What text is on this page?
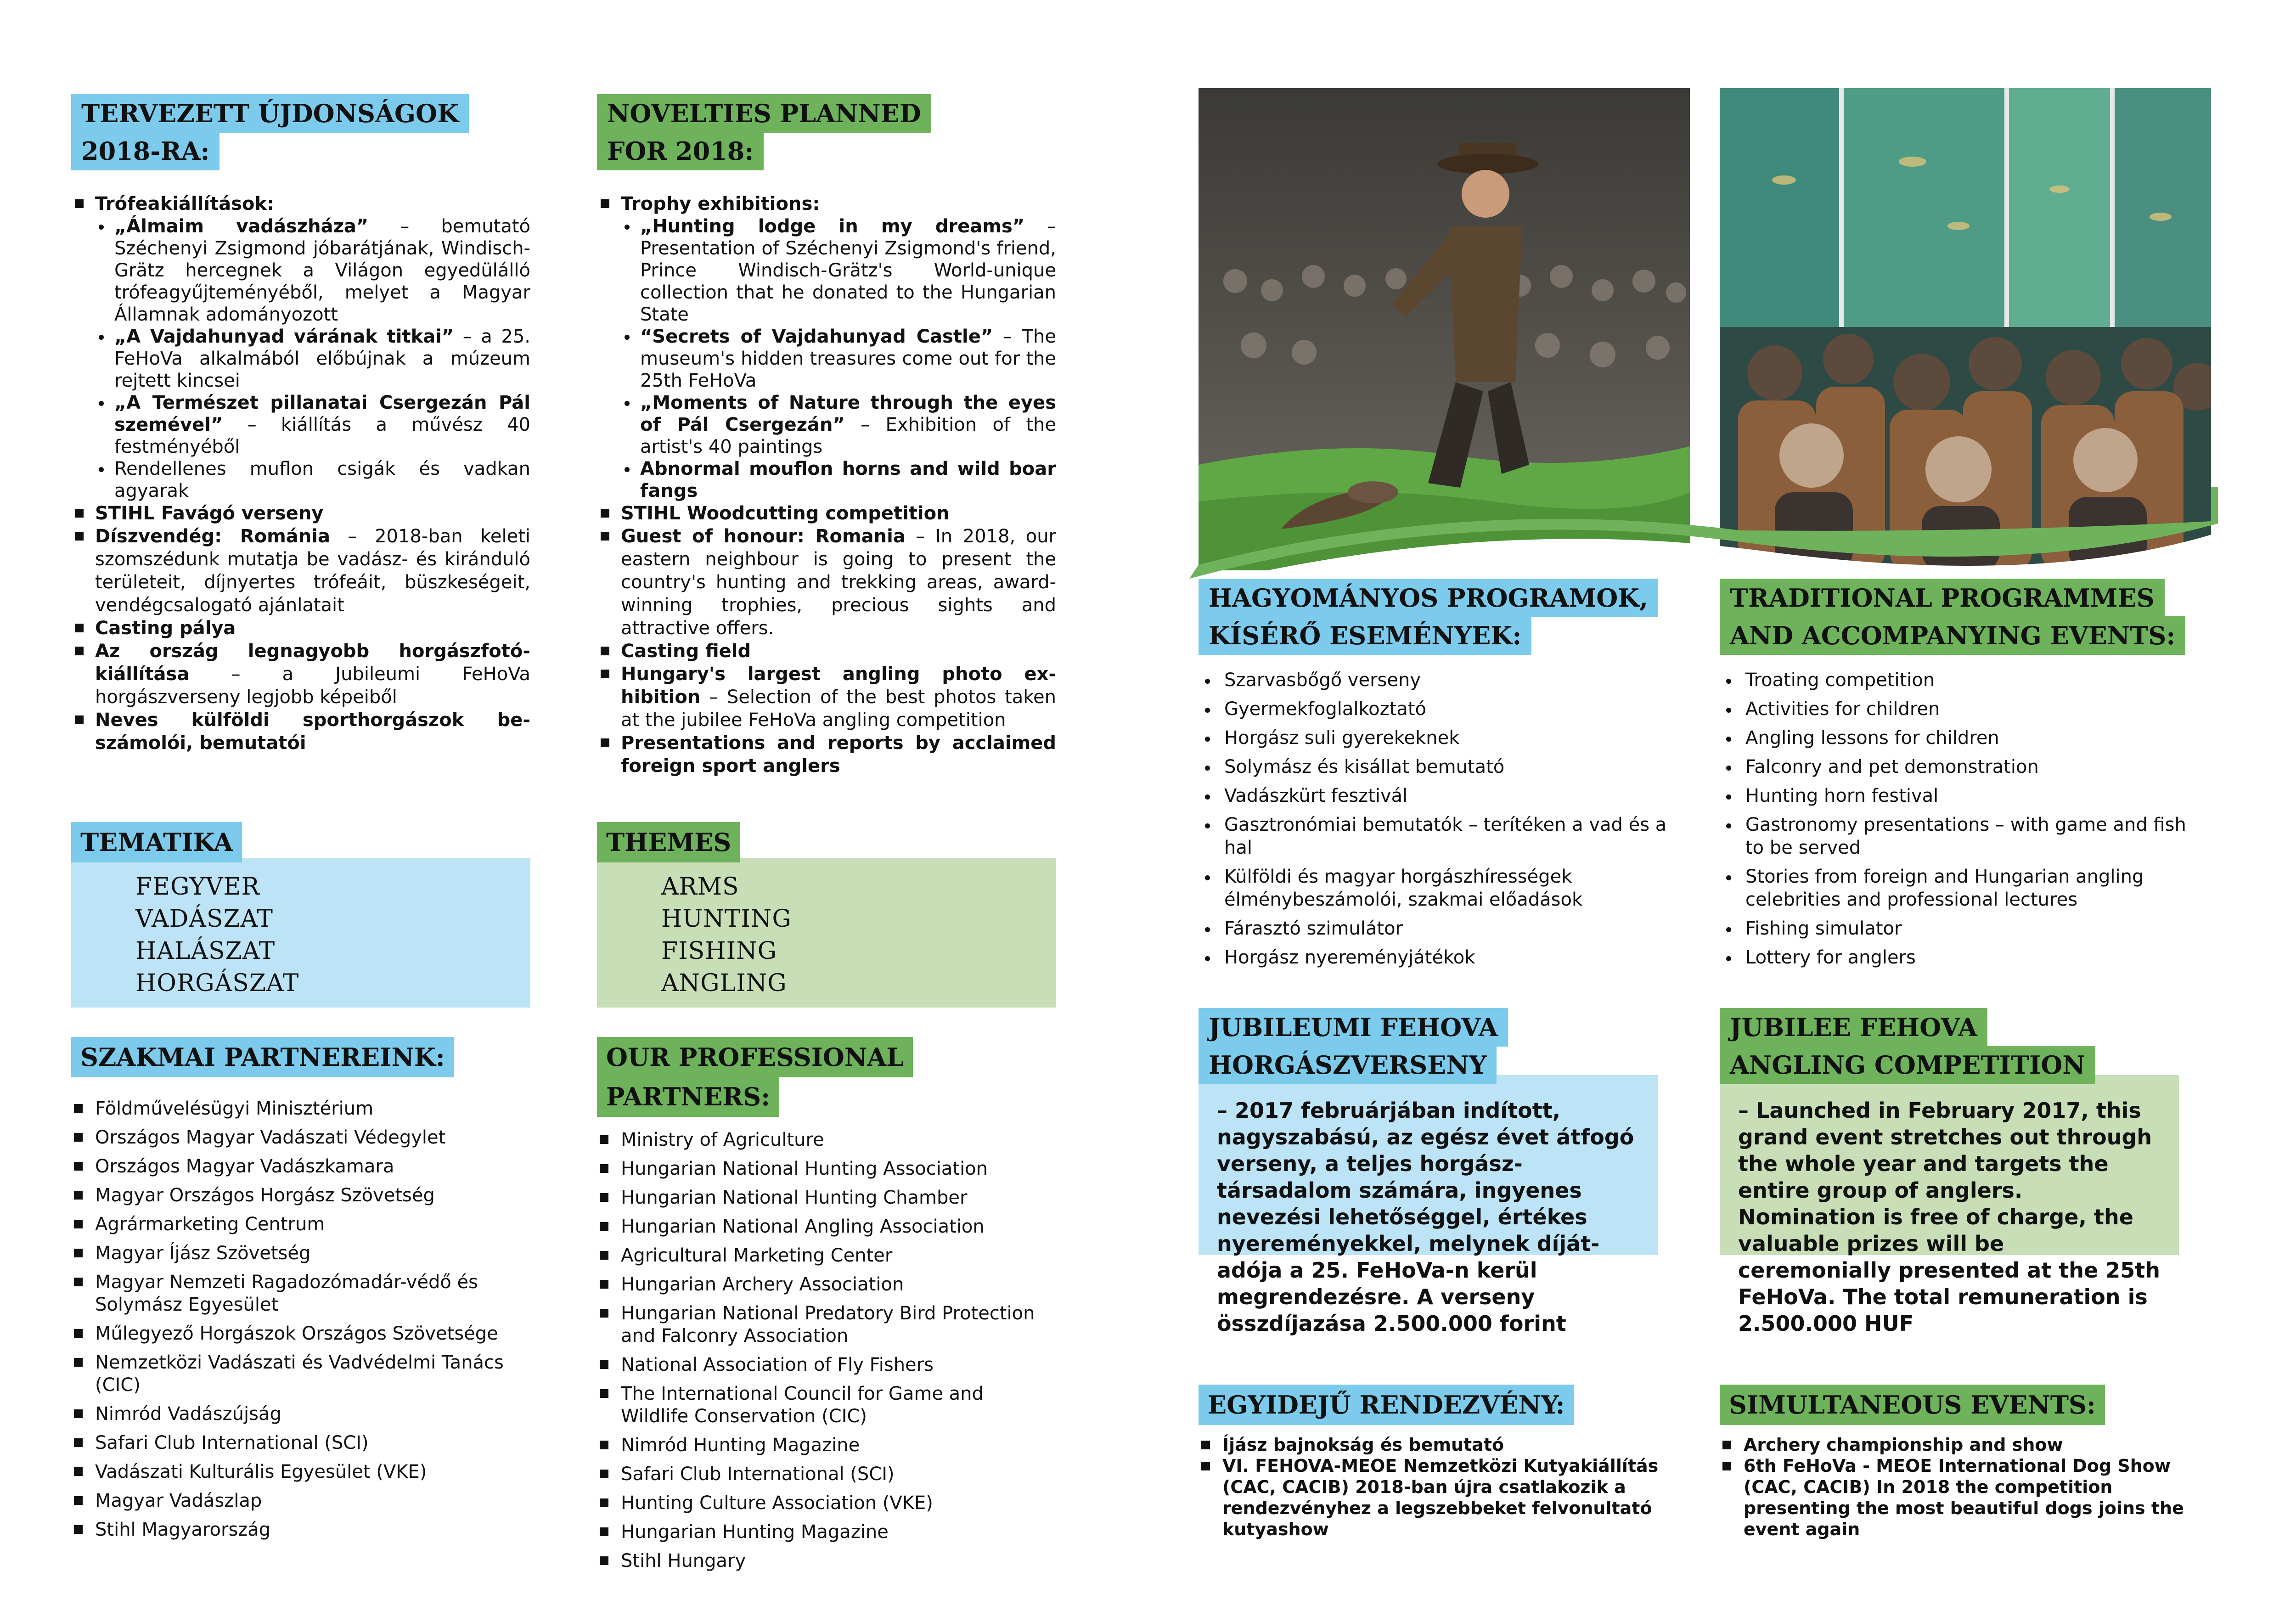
TERVEZETT ÚJDONSÁGOK
2018-RA:
Trófeakiállítások:
„Álmaim vadászháza” – bemutató Széchenyi Zsigmond jóbarátjának, Windisch-Grätz hercegnek a Világon egyedülálló trófeagyűjteményéből, melyet a Magyar Államnak adományozott
„A Vajdahunyad várának titkai” – a 25. FeHoVa alkalmából előbújnak a múzeum rejtett kincsei
„A Természet pillanatai Csergezán Pál szemével” – kiállítás a művész 40 festményéből
Rendellenes muflon csigák és vadkan agyarak
STIHL Favágó verseny
Díszvendég: Románia – 2018-ban keleti szomszédunk mutatja be vadász- és kiránduló területeit, díjnyertes trófeáit, büszkeségeit, vendégcsalogató ajánlatait
Casting pálya
Az ország legnagyobb horgászfotó-kiállítása – a Jubileumi FeHoVa horgászverseny legjobb képeiből
Neves külföldi sporthorgászok be-számolói, bemutatói
TEMATIKA
FEGYVER
VADÁSZAT
HALÁSZAT
HORGÁSZAT
SZAKMAI PARTNEREINK:
Földművelésügyi Minisztérium
Országos Magyar Vadászati Védegylet
Országos Magyar Vadászkamara
Magyar Országos Horgász Szövetség
Agrármarketing Centrum
Magyar Íjász Szövetség
Magyar Nemzeti Ragadozómadár-védő és Solymász Egyesület
Műlegyező Horgászok Országos Szövetsége
Nemzetközi Vadászati és Vadvédelmi Tanács (CIC)
Nimród Vadászújság
Safari Club International (SCI)
Vadászati Kulturális Egyesület (VKE)
Magyar Vadászlap
Stihl Magyarország
NOVELTIES PLANNED
FOR 2018:
Trophy exhibitions:
„Hunting lodge in my dreams” – Presentation of Széchenyi Zsigmond's friend, Prince Windisch-Grätz's World-unique collection that he donated to the Hungarian State
“Secrets of Vajdahunyad Castle” – The museum's hidden treasures come out for the 25th FeHoVa
„Moments of Nature through the eyes of Pál Csergezán” – Exhibition of the artist's 40 paintings
Abnormal mouflon horns and wild boar fangs
STIHL Woodcutting competition
Guest of honour: Romania – In 2018, our eastern neighbour is going to present the country's hunting and trekking areas, award-winning trophies, precious sights and attractive offers.
Casting field
Hungary's largest angling photo ex-hibition – Selection of the best photos taken at the jubilee FeHoVa angling competition
Presentations and reports by acclaimed foreign sport anglers
THEMES
ARMS
HUNTING
FISHING
ANGLING
OUR PROFESSIONAL
PARTNERS:
Ministry of Agriculture
Hungarian National Hunting Association
Hungarian National Hunting Chamber
Hungarian National Angling Association
Agricultural Marketing Center
Hungarian Archery Association
Hungarian National Predatory Bird Protection and Falconry Association
National Association of Fly Fishers
The International Council for Game and Wildlife Conservation (CIC)
Nimród Hunting Magazine
Safari Club International (SCI)
Hunting Culture Association (VKE)
Hungarian Hunting Magazine
Stihl Hungary
HAGYOMÁNYOS PROGRAMOK,
KÍSÉRŐ ESEMÉNYEK:
Szarvasbőgő verseny
Gyermekfoglalkoztató
Horgász suli gyerekeknek
Solymász és kisállat bemutató
Vadászkürt fesztivál
Gasztronómiai bemutatók – terítéken a vad és a hal
Külföldi és magyar horgászhírességek élménybeszámolói, szakmai előadások
Fárasztó szimulátor
Horgász nyereményjátékok
JUBILEUMI FEHOVA
HORGÁSZVERSENY
– 2017 februárjában indított, nagyszabású, az egész évet átfogó verseny, a teljes horgász-társadalom számára, ingyenes nevezési lehetőséggel, értékes nyereményekkel, melynek díját-adója a 25. FeHoVa-n kerül megrendezésre. A verseny összdíjazása 2.500.000 forint
EGYIDEJŰ RENDEZVÉNY:
Íjász bajnokság és bemutató
VI. FEHOVA-MEOE Nemzetközi Kutyakiállítás (CAC, CACIB) 2018-ban újra csatlakozik a rendezvényhez a legszebbeket felvonultató kutyashow
TRADITIONAL PROGRAMMES
AND ACCOMPANYING EVENTS:
Troating competition
Activities for children
Angling lessons for children
Falconry and pet demonstration
Hunting horn festival
Gastronomy presentations – with game and fish to be served
Stories from foreign and Hungarian angling celebrities and professional lectures
Fishing simulator
Lottery for anglers
JUBILEE FEHOVA
ANGLING COMPETITION
– Launched in February 2017, this grand event stretches out through the whole year and targets the entire group of anglers. Nomination is free of charge, the valuable prizes will be ceremonially presented at the 25th FeHoVa. The total remuneration is 2.500.000 HUF
SIMULTANEOUS EVENTS:
Archery championship and show
6th FeHoVa - MEOE International Dog Show (CAC, CACIB) In 2018 the competition presenting the most beautiful dogs joins the event again
